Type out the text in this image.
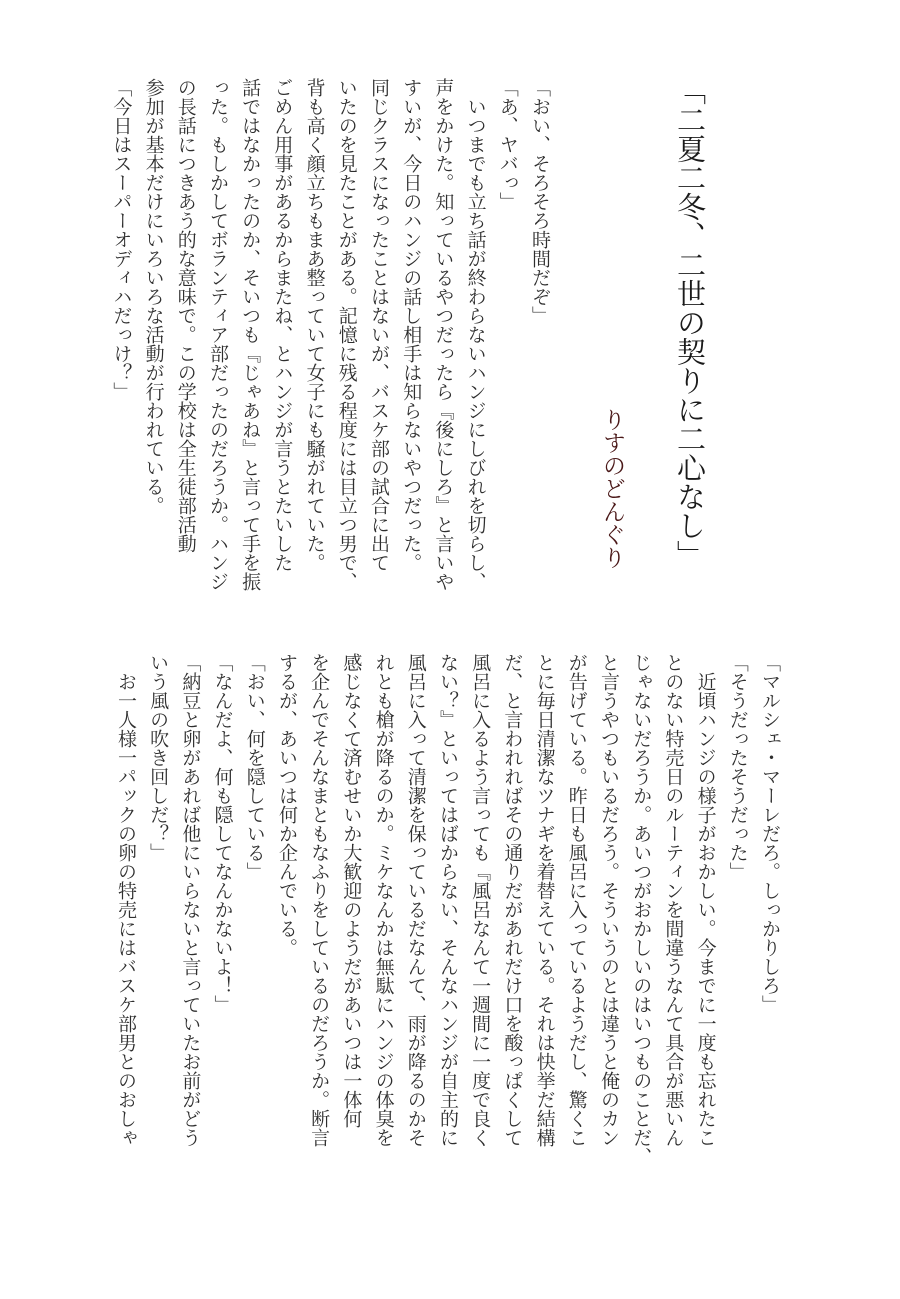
「二夏二冬、二世の契りに二心なし」
りすのどんぐり
「おい、そろそろ時間だぞ」
「あ、ヤバっ」
　いつまでも立ち話が終わらないハンジにしびれを切らし、
声をかけた。知っているやつだったら『後にしろ』と言いや
すいが、今日のハンジの話し相手は知らないやつだった。
同じクラスになったことはないが、バスケ部の試合に出て
いたのを見たことがある。記憶に残る程度には目立つ男で、
背も高く顔立ちもまあ整っていて女子にも騒がれていた。
ごめん用事があるからまたね、とハンジが言うとたいした
話ではなかったのか、そいつも『じゃあね』と言って手を振
った。もしかしてボランティア部だったのだろうか。ハンジ
の長話につきあう的な意味で。この学校は全生徒部活動
参加が基本だけにいろいろな活動が行われている。
「今日はスーパーオディハだっけ？」
「マルシェ・マーレだろ。しっかりしろ」
「そうだったそうだった」
　近頃ハンジの様子がおかしい。今までに一度も忘れたこ
とのない特売日のルーティンを間違うなんて具合が悪いん
じゃないだろうか。あいつがおかしいのはいつものことだ、
と言うやつもいるだろう。そういうのとは違うと俺のカン
が告げている。昨日も風呂に入っているようだし、驚くこ
とに毎日清潔なツナギを着替えている。それは快挙だ結構
だ、と言われればその通りだがあれだけ口を酸っぱくして
風呂に入るよう言っても『風呂なんて一週間に一度で良く
ない？』といってはばからない、そんなハンジが自主的に
風呂に入って清潔を保っているだなんて、雨が降るのかそ
れとも槍が降るのか。ミケなんかは無駄にハンジの体臭を
感じなくて済むせいか大歓迎のようだがあいつは一体何
を企んでそんなまともなふりをしているのだろうか。断言
するが、あいつは何か企んでいる。
「おい、何を隠している」
「なんだよ、何も隠してなんかないよ！」
「納豆と卵があれば他にいらないと言っていたお前がどう
いう風の吹き回しだ？」
　お一人様一パックの卵の特売にはバスケ部男とのおしゃ
